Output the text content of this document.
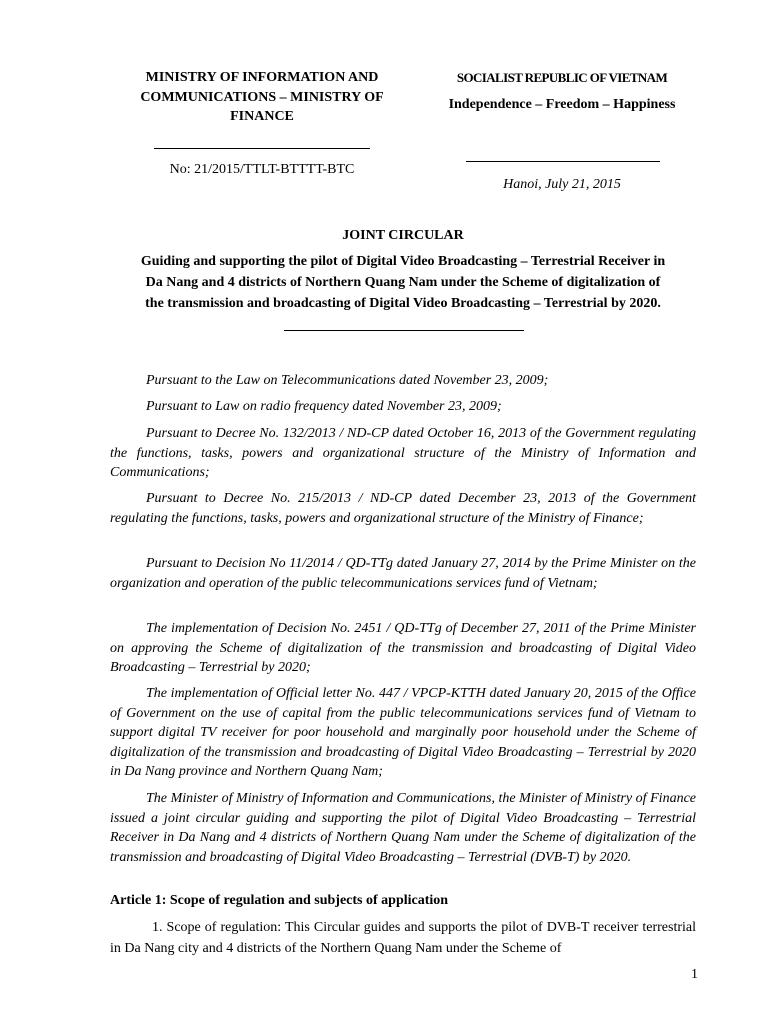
MINISTRY OF INFORMATION AND
COMMUNICATIONS – MINISTRY OF
FINANCE
No: 21/2015/TTLT-BTTTT-BTC
SOCIALIST REPUBLIC OF VIETNAM
Independence – Freedom – Happiness
Hanoi, July 21, 2015
JOINT CIRCULAR
Guiding and supporting the pilot of Digital Video Broadcasting – Terrestrial Receiver in
Da Nang and 4 districts of Northern Quang Nam under the Scheme of digitalization of
the transmission and broadcasting of Digital Video Broadcasting – Terrestrial by 2020.
Pursuant to the Law on Telecommunications dated November 23, 2009;
Pursuant to Law on radio frequency dated November 23, 2009;
Pursuant to Decree No. 132/2013 / ND-CP dated October 16, 2013 of the Government regulating the functions, tasks, powers and organizational structure of the Ministry of Information and Communications;
Pursuant to Decree No. 215/2013 / ND-CP dated December 23, 2013 of the Government regulating the functions, tasks, powers and organizational structure of the Ministry of Finance;
Pursuant to Decision No 11/2014 / QD-TTg dated January 27, 2014 by the Prime Minister on the organization and operation of the public telecommunications services fund of Vietnam;
The implementation of Decision No. 2451 / QD-TTg of December 27, 2011 of the Prime Minister on approving the Scheme of digitalization of the transmission and broadcasting of Digital Video Broadcasting – Terrestrial by 2020;
The implementation of Official letter No. 447 / VPCP-KTTH dated January 20, 2015 of the Office of Government on the use of capital from the public telecommunications services fund of Vietnam to support digital TV receiver for poor household and marginally poor household under the Scheme of digitalization of the transmission and broadcasting of Digital Video Broadcasting – Terrestrial by 2020 in Da Nang province and Northern Quang Nam;
The Minister of Ministry of Information and Communications, the Minister of Ministry of Finance issued a joint circular guiding and supporting the pilot of Digital Video Broadcasting – Terrestrial Receiver in Da Nang and 4 districts of Northern Quang Nam under the Scheme of digitalization of the transmission and broadcasting of Digital Video Broadcasting – Terrestrial (DVB-T) by 2020.
Article 1: Scope of regulation and subjects of application
1. Scope of regulation: This Circular guides and supports the pilot of DVB-T receiver terrestrial in Da Nang city and 4 districts of the Northern Quang Nam under the Scheme of
1
